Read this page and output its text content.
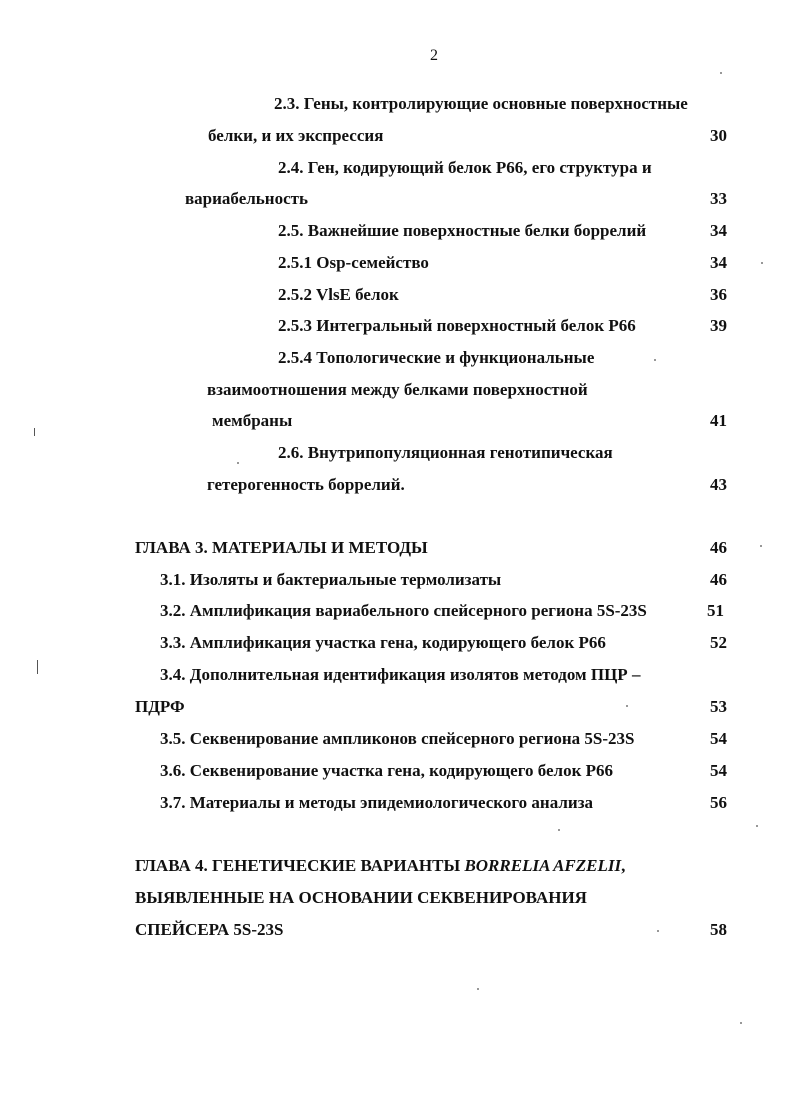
2
2.3. Гены, контролирующие основные поверхностные
белки, и их экспрессия	30
2.4. Ген, кодирующий белок Р66, его структура и
вариабельность	33
2.5. Важнейшие поверхностные белки боррелий	34
2.5.1 Osp-семейство	34
2.5.2 VlsE белок	36
2.5.3 Интегральный поверхностный белок Р66	39
2.5.4 Топологические и функциональные
взаимоотношения между белками поверхностной
мембраны	41
2.6. Внутрипопуляционная генотипическая
гетерогенность боррелий.	43
ГЛАВА 3. МАТЕРИАЛЫ И МЕТОДЫ	46
3.1. Изоляты и бактериальные термолизаты	46
3.2. Амплификация вариабельного спейсерного региона 5S-23S	51
3.3. Амплификация участка гена, кодирующего белок Р66	52
3.4. Дополнительная идентификация изолятов методом ПЦР –
ПДРФ	53
3.5. Секвенирование ампликонов спейсерного региона 5S-23S	54
3.6. Секвенирование участка гена, кодирующего белок Р66	54
3.7. Материалы и методы эпидемиологического анализа	56
ГЛАВА 4. ГЕНЕТИЧЕСКИЕ ВАРИАНТЫ BORRELIA AFZELII,
ВЫЯВЛЕННЫЕ НА ОСНОВАНИИ СЕКВЕНИРОВАНИЯ
СПЕЙСЕРА 5S-23S	58
